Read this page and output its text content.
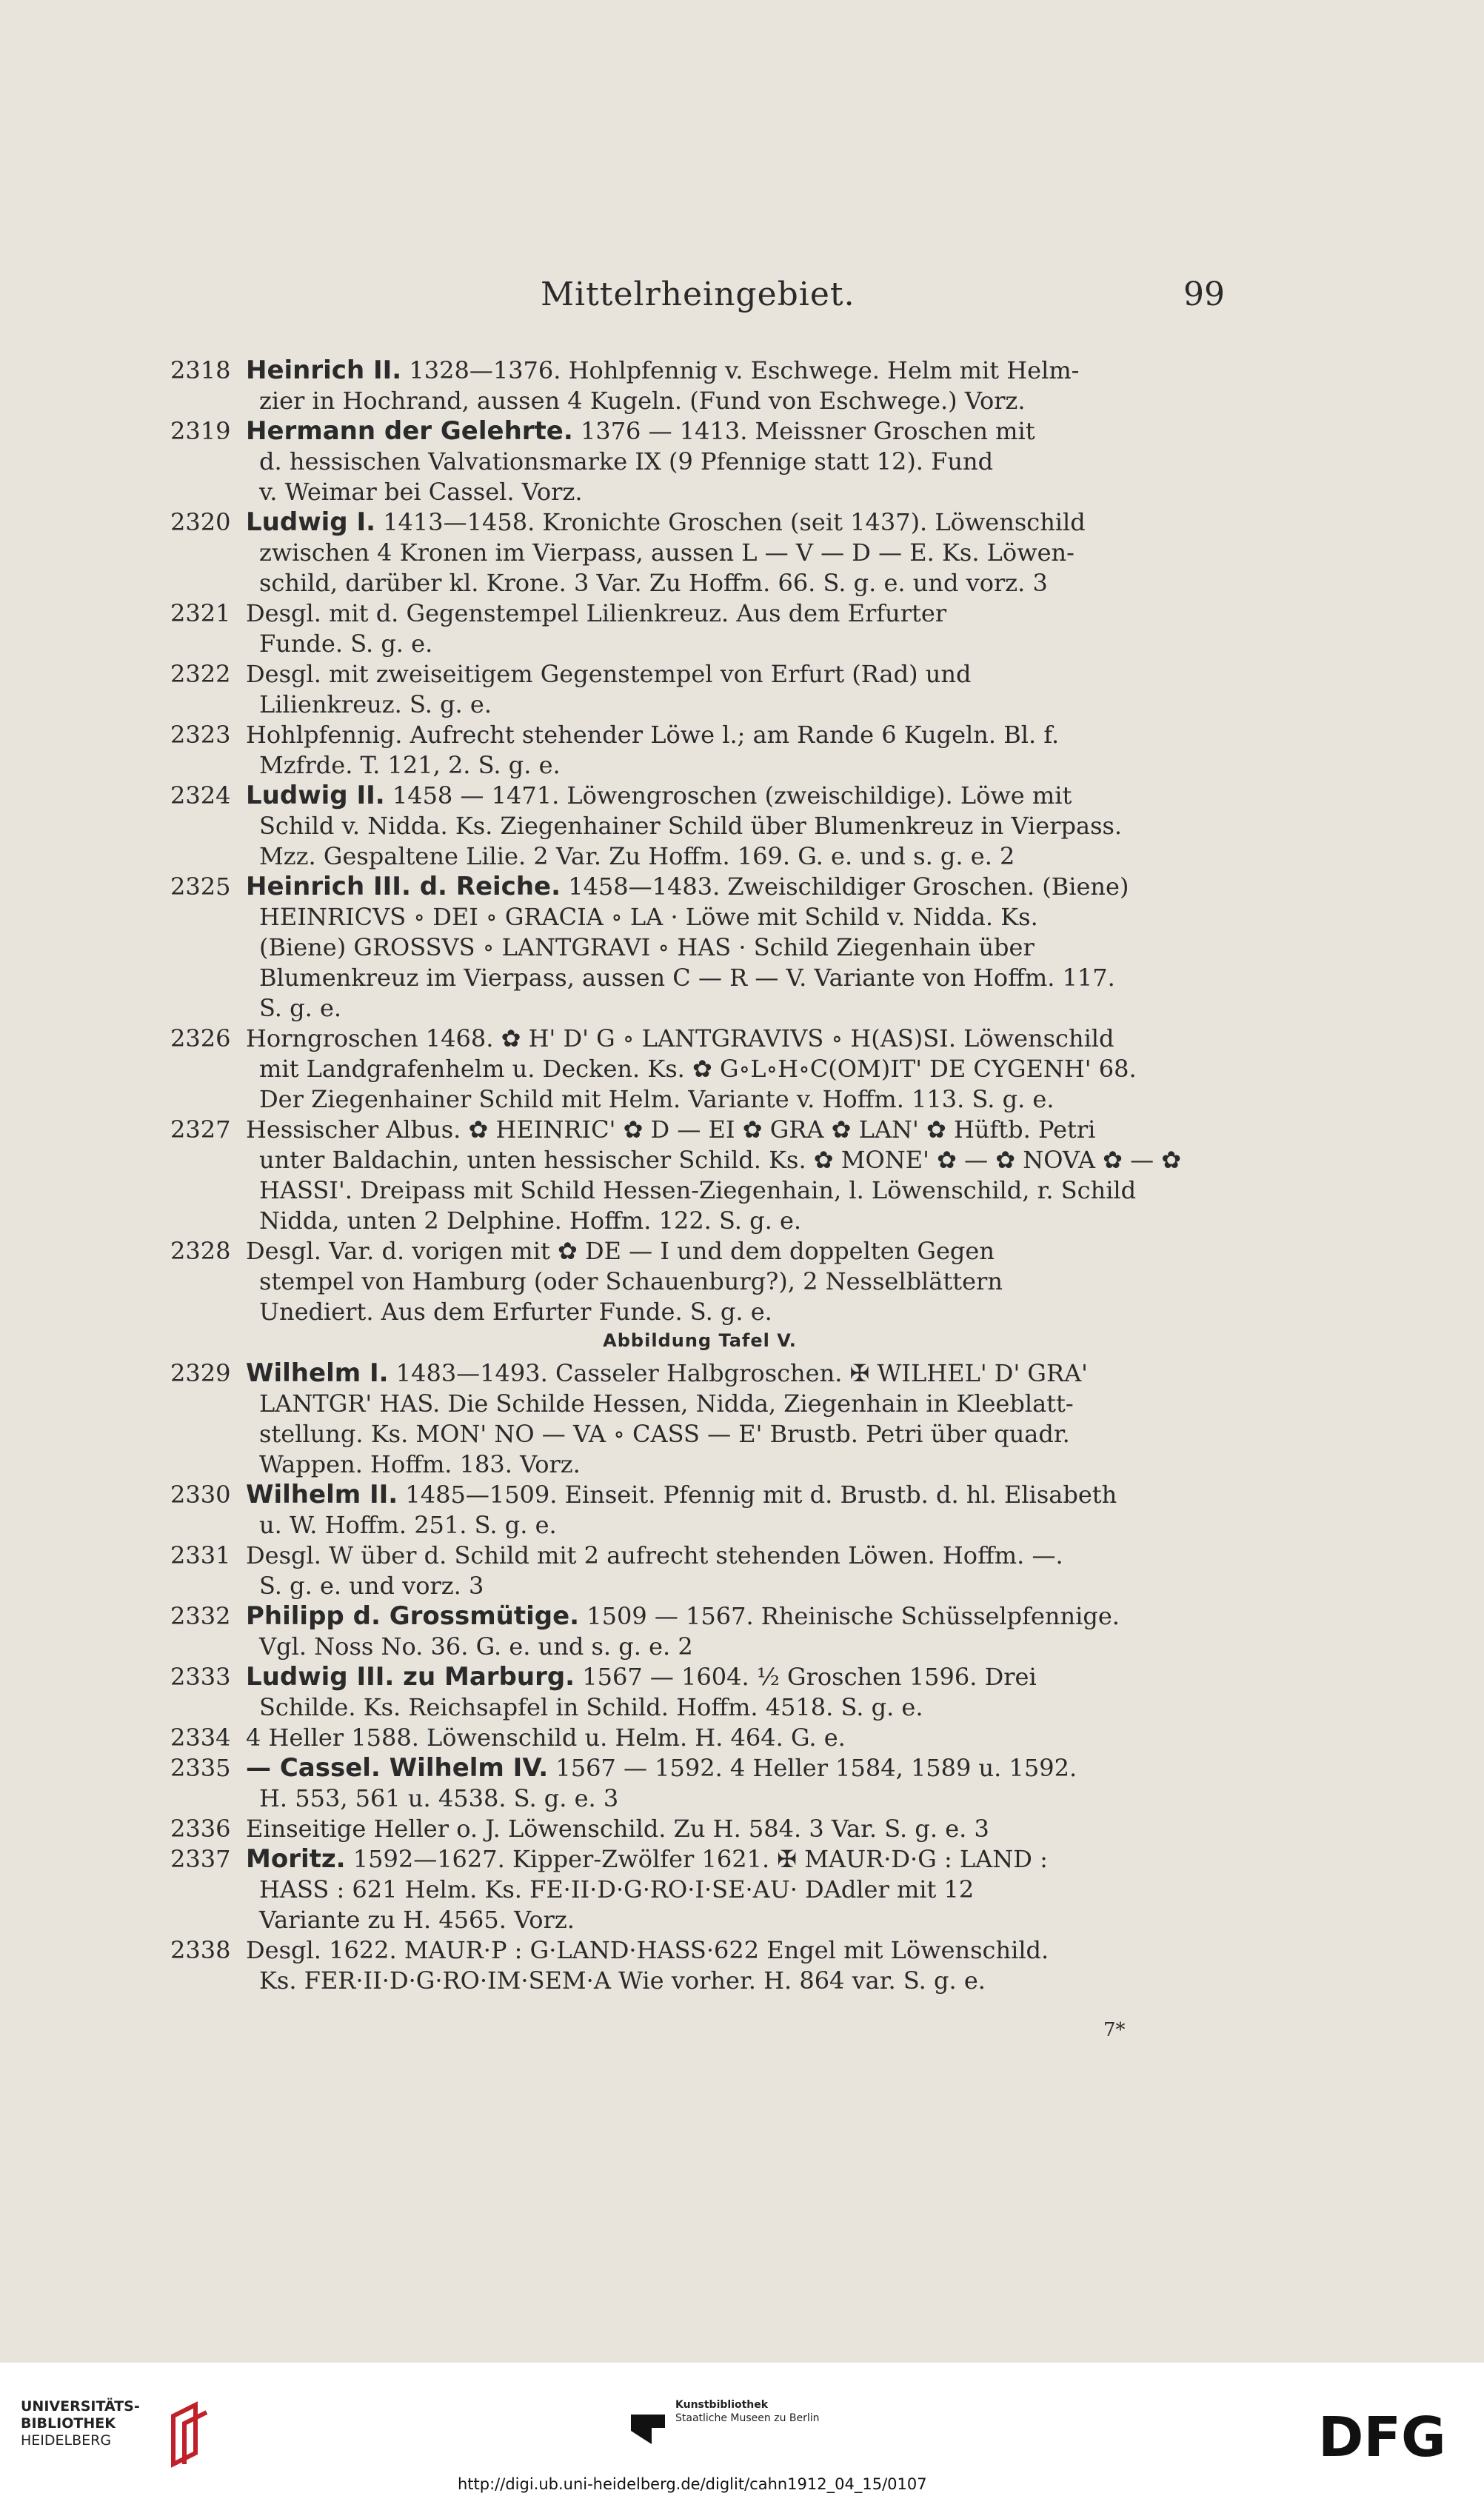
Mittelrheingebiet.	99
2318 Heinrich II. 1328—1376. Hohlpfennig v. Eschwege. Helm mit Helm-
zier in Hochrand, aussen 4 Kugeln. (Fund von Eschwege.) Vorz.
2319 Hermann der Gelehrte. 1376 — 1413. Meissner Groschen mit
d. hessischen Valvationsmarke IX (9 Pfennige statt 12). Fund
v. Weimar bei Cassel. Vorz.
2320 Ludwig I. 1413—1458. Kronichte Groschen (seit 1437). Löwenschild
zwischen 4 Kronen im Vierpass, aussen L — V — D — E. Ks. Löwen-
schild, darüber kl. Krone. 3 Var. Zu Hoffm. 66. S. g. e. und vorz. 3
2321 Desgl. mit d. Gegenstempel Lilienkreuz. Aus dem Erfurter
Funde. S. g. e.
2322 Desgl. mit zweiseitigem Gegenstempel von Erfurt (Rad) und
Lilienkreuz. S. g. e.
2323 Hohlpfennig. Aufrecht stehender Löwe l.; am Rande 6 Kugeln. Bl. f.
Mzfrde. T. 121, 2. S. g. e.
2324 Ludwig II. 1458 — 1471. Löwengroschen (zweischildige). Löwe mit
Schild v. Nidda. Ks. Ziegenhainer Schild über Blumenkreuz in Vierpass.
Mzz. Gespaltene Lilie. 2 Var. Zu Hoffm. 169. G. e. und s. g. e. 2
2325 Heinrich III. d. Reiche. 1458—1483. Zweischildiger Groschen. (Biene)
HEINRICVS ∘ DEI ∘ GRACIA ∘ LA · Löwe mit Schild v. Nidda. Ks.
(Biene) GROSSVS ∘ LANTGRAVI ∘ HAS · Schild Ziegenhain über
Blumenkreuz im Vierpass, aussen C — R — V. Variante von Hoffm. 117.
S. g. e.
2326 Horngroschen 1468. ✿ H' D' G ∘ LANTGRAVIVS ∘ H(AS)SI. Löwenschild
mit Landgrafenhelm u. Decken. Ks. ✿ G∘L∘H∘C(OM)IT' DE CYGENH' 68.
Der Ziegenhainer Schild mit Helm. Variante v. Hoffm. 113. S. g. e.
2327 Hessischer Albus. ✿ HEINRIC' ✿ D — EI ✿ GRA ✿ LAN' ✿ Hüftb. Petri
unter Baldachin, unten hessischer Schild. Ks. ✿ MONE' ✿ — ✿ NOVA ✿ — ✿
HASSI'. Dreipass mit Schild Hessen-Ziegenhain, l. Löwenschild, r. Schild
Nidda, unten 2 Delphine. Hoffm. 122. S. g. e.
2328 Desgl. Var. d. vorigen mit ✿ DE — I und dem doppelten Gegen
stempel von Hamburg (oder Schauenburg?), 2 Nesselblättern
Unediert. Aus dem Erfurter Funde. S. g. e.
Abbildung Tafel V.
2329 Wilhelm I. 1483—1493. Casseler Halbgroschen. ✠ WILHEL' D' GRA'
LANTGR' HAS. Die Schilde Hessen, Nidda, Ziegenhain in Kleeblatt-
stellung. Ks. MON' NO — VA ∘ CASS — E' Brustb. Petri über quadr.
Wappen. Hoffm. 183. Vorz.
2330 Wilhelm II. 1485—1509. Einseit. Pfennig mit d. Brustb. d. hl. Elisabeth
u. W. Hoffm. 251. S. g. e.
2331 Desgl. W über d. Schild mit 2 aufrecht stehenden Löwen. Hoffm. —.
S. g. e. und vorz. 3
2332 Philipp d. Grossmütige. 1509 — 1567. Rheinische Schüsselpfennige.
Vgl. Noss No. 36. G. e. und s. g. e. 2
2333 Ludwig III. zu Marburg. 1567 — 1604. ½ Groschen 1596. Drei
Schilde. Ks. Reichsapfel in Schild. Hoffm. 4518. S. g. e.
2334 4 Heller 1588. Löwenschild u. Helm. H. 464. G. e.
2335 — Cassel. Wilhelm IV. 1567 — 1592. 4 Heller 1584, 1589 u. 1592.
H. 553, 561 u. 4538. S. g. e. 3
2336 Einseitige Heller o. J. Löwenschild. Zu H. 584. 3 Var. S. g. e. 3
2337 Moritz. 1592—1627. Kipper-Zwölfer 1621. ✠ MAUR·D·G : LAND :
HASS : 621 Helm. Ks. FE·II·D·G·RO·I·SE·AU· DAdler mit 12
Variante zu H. 4565. Vorz.
2338 Desgl. 1622. MAUR·P : G·LAND·HASS·622 Engel mit Löwenschild.
Ks. FER·II·D·G·RO·IM·SEM·A Wie vorher. H. 864 var. S. g. e.
7*
UNIVERSITÄTS-
BIBLIOTHEK
HEIDELBERG
Kunstbibliothek
Staatliche Museen zu Berlin	DFG
http://digi.ub.uni-heidelberg.de/diglit/cahn1912_04_15/0107
